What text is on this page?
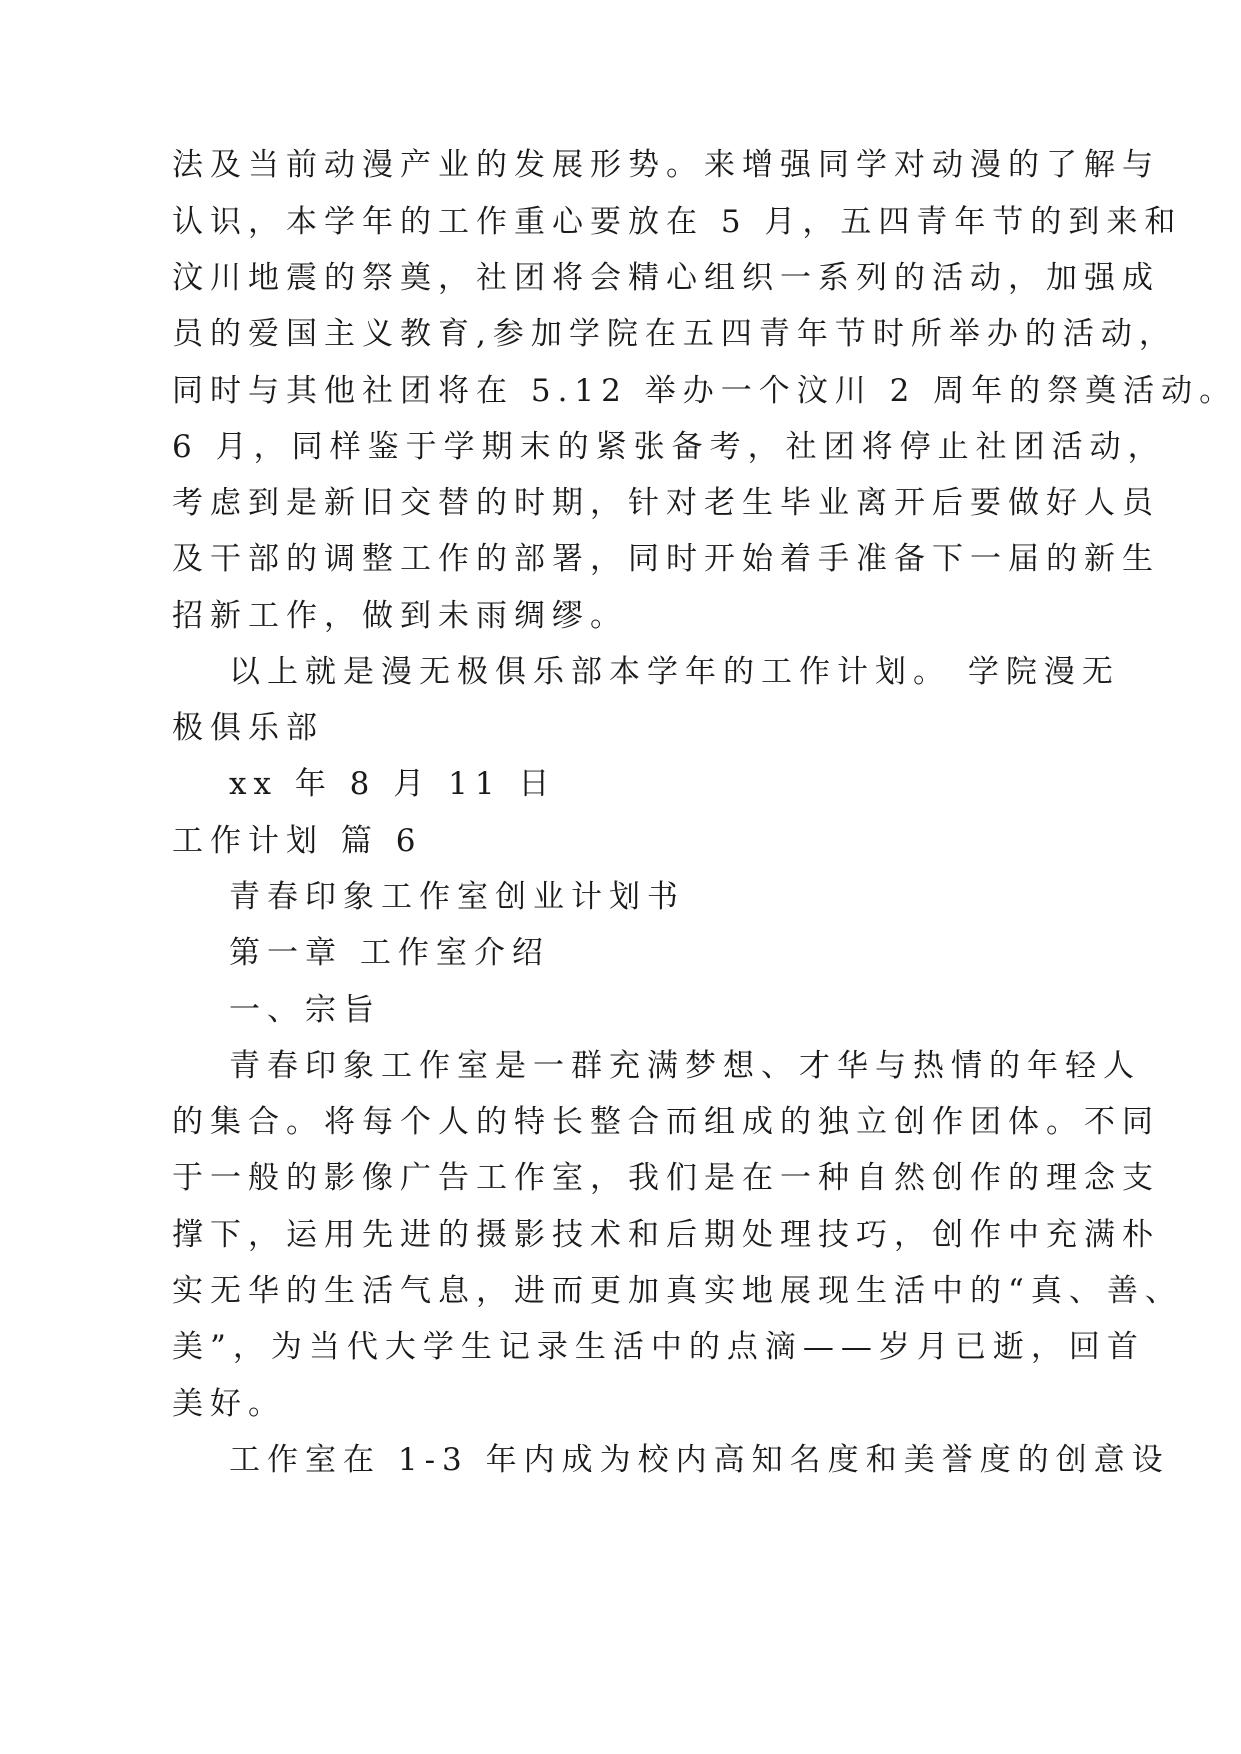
法及当前动漫产业的发展形势。来增强同学对动漫的了解与
认识，本学年的工作重心要放在 5 月，五四青年节的到来和
汶川地震的祭奠，社团将会精心组织一系列的活动，加强成
员的爱国主义教育,参加学院在五四青年节时所举办的活动，
同时与其他社团将在 5.12 举办一个汶川 2 周年的祭奠活动。
6 月，同样鉴于学期末的紧张备考，社团将停止社团活动，
考虑到是新旧交替的时期，针对老生毕业离开后要做好人员
及干部的调整工作的部署，同时开始着手准备下一届的新生
招新工作，做到未雨绸缪。
以上就是漫无极俱乐部本学年的工作计划。 学院漫无
极俱乐部
xx 年 8 月 11 日
工作计划 篇 6
青春印象工作室创业计划书
第一章 工作室介绍
一、宗旨
青春印象工作室是一群充满梦想、才华与热情的年轻人
的集合。将每个人的特长整合而组成的独立创作团体。不同
于一般的影像广告工作室，我们是在一种自然创作的理念支
撑下，运用先进的摄影技术和后期处理技巧，创作中充满朴
实无华的生活气息，进而更加真实地展现生活中的“真、善、
美”，为当代大学生记录生活中的点滴——岁月已逝，回首
美好。
工作室在 1-3 年内成为校内高知名度和美誉度的创意设
